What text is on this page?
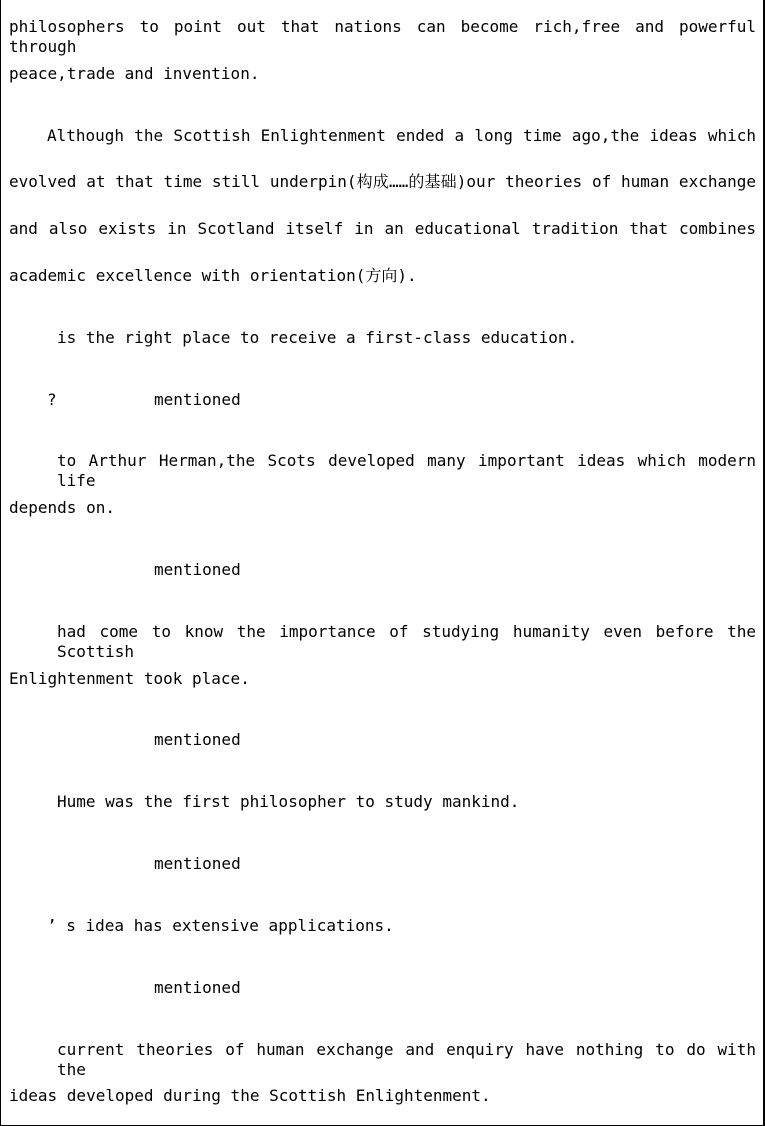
philosophers to point out that nations can become rich,free and powerful through
peace,trade and invention.
Although the Scottish Enlightenment ended a long time ago,the ideas which
evolved at that time still underpin(构成……的基础)our theories of human exchange
and also exists in Scotland itself in an educational tradition that combines
academic excellence with orientation(方向).
is the right place to receive a first-class education.
?	mentioned
to Arthur Herman,the Scots developed many important ideas which modern life
depends on.
mentioned
had come to know the importance of studying humanity even before the Scottish
Enlightenment took place.
mentioned
Hume was the first philosopher to study mankind.
mentioned
’ s idea has extensive applications.
mentioned
current theories of human exchange and enquiry have nothing to do with the
ideas developed during the Scottish Enlightenment.
